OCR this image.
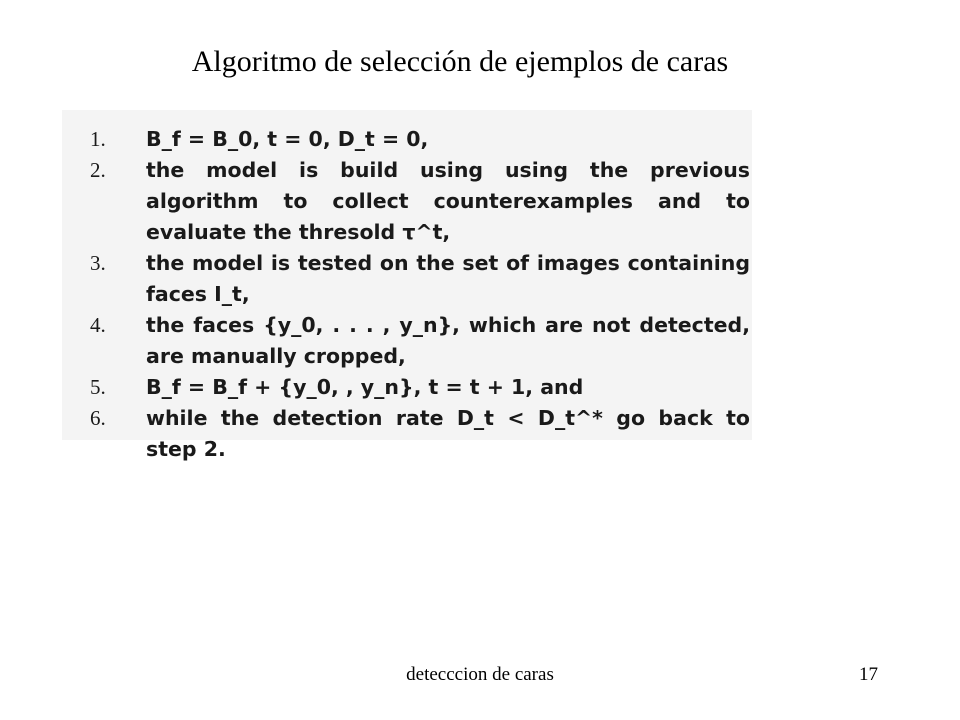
Algoritmo de selección de ejemplos de caras
1.	B_f = B_0, t = 0, D_t = 0,
2.	the model is build using using the previous algorithm to collect counterexamples and to evaluate the thresold τ^t,
3.	the model is tested on the set of images containing faces I_t,
4.	the faces {y_0, . . . , y_n}, which are not detected, are manually cropped,
5.	B_f = B_f + {y_0, , y_n}, t = t + 1, and
6.	while the detection rate D_t < D_t^* go back to step 2.
detecccion de caras	17
